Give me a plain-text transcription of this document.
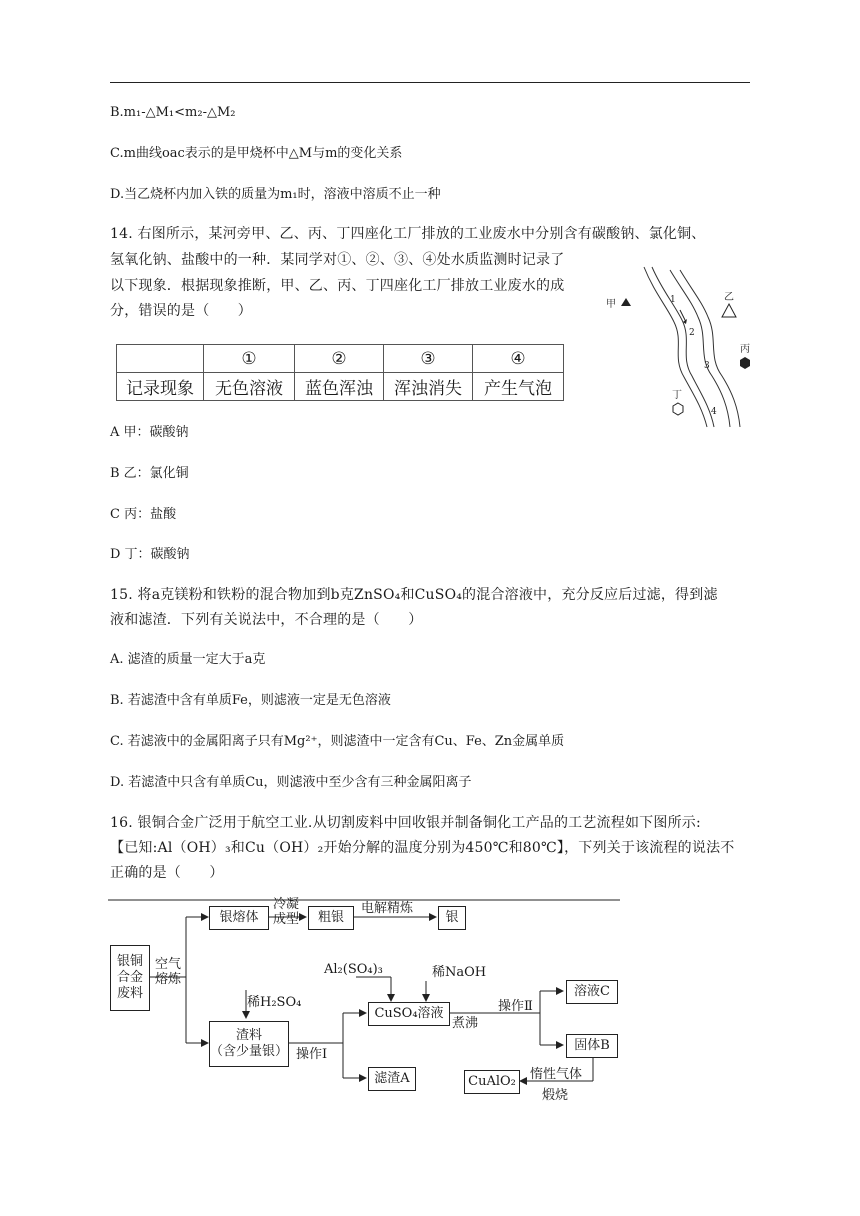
B.m₁-△M₁<m₂-△M₂
C.m曲线oac表示的是甲烧杯中△M与m的变化关系
D.当乙烧杯内加入铁的质量为m₁时，溶液中溶质不止一种
14. 右图所示，某河旁甲、乙、丙、丁四座化工厂排放的工业废水中分别含有碳酸钠、氯化铜、
氢氧化钠、盐酸中的一种．某同学对①、②、③、④处水质监测时记录了
以下现象．根据现象推断，甲、乙、丙、丁四座化工厂排放工业废水的成
分，错误的是（　　）
	①	②	③	④
记录现象	无色溶液	蓝色浑浊	浑浊消失	产生气泡
甲
乙
丙
丁
1
2
3
4
A 甲：碳酸钠
B 乙：氯化铜
C 丙：盐酸
D 丁：碳酸钠
15. 将a克镁粉和铁粉的混合物加到b克ZnSO₄和CuSO₄的混合溶液中，充分反应后过滤，得到滤
液和滤渣．下列有关说法中，不合理的是（　　）
A. 滤渣的质量一定大于a克
B. 若滤渣中含有单质Fe，则滤液一定是无色溶液
C. 若滤液中的金属阳离子只有Mg²⁺，则滤渣中一定含有Cu、Fe、Zn金属单质
D. 若滤渣中只含有单质Cu，则滤液中至少含有三种金属阳离子
16. 银铜合金广泛用于航空工业.从切割废料中回收银并制备铜化工产品的工艺流程如下图所示:
【已知:Al（OH）₃和Cu（OH）₂开始分解的温度分别为450℃和80℃】，下列关于该流程的说法不
正确的是（　　）
银铜合金废料
空气熔炼
银熔体
冷凝成型	粗银
电解精炼
银
稀H₂SO₄
渣料
（含少量银） 操作Ⅰ
滤渣A
Al₂(SO₄)₃	稀NaOH
CuSO₄溶液
煮沸
操作Ⅱ
溶液C
固体B
惰性气体
煅烧
CuAlO₂
